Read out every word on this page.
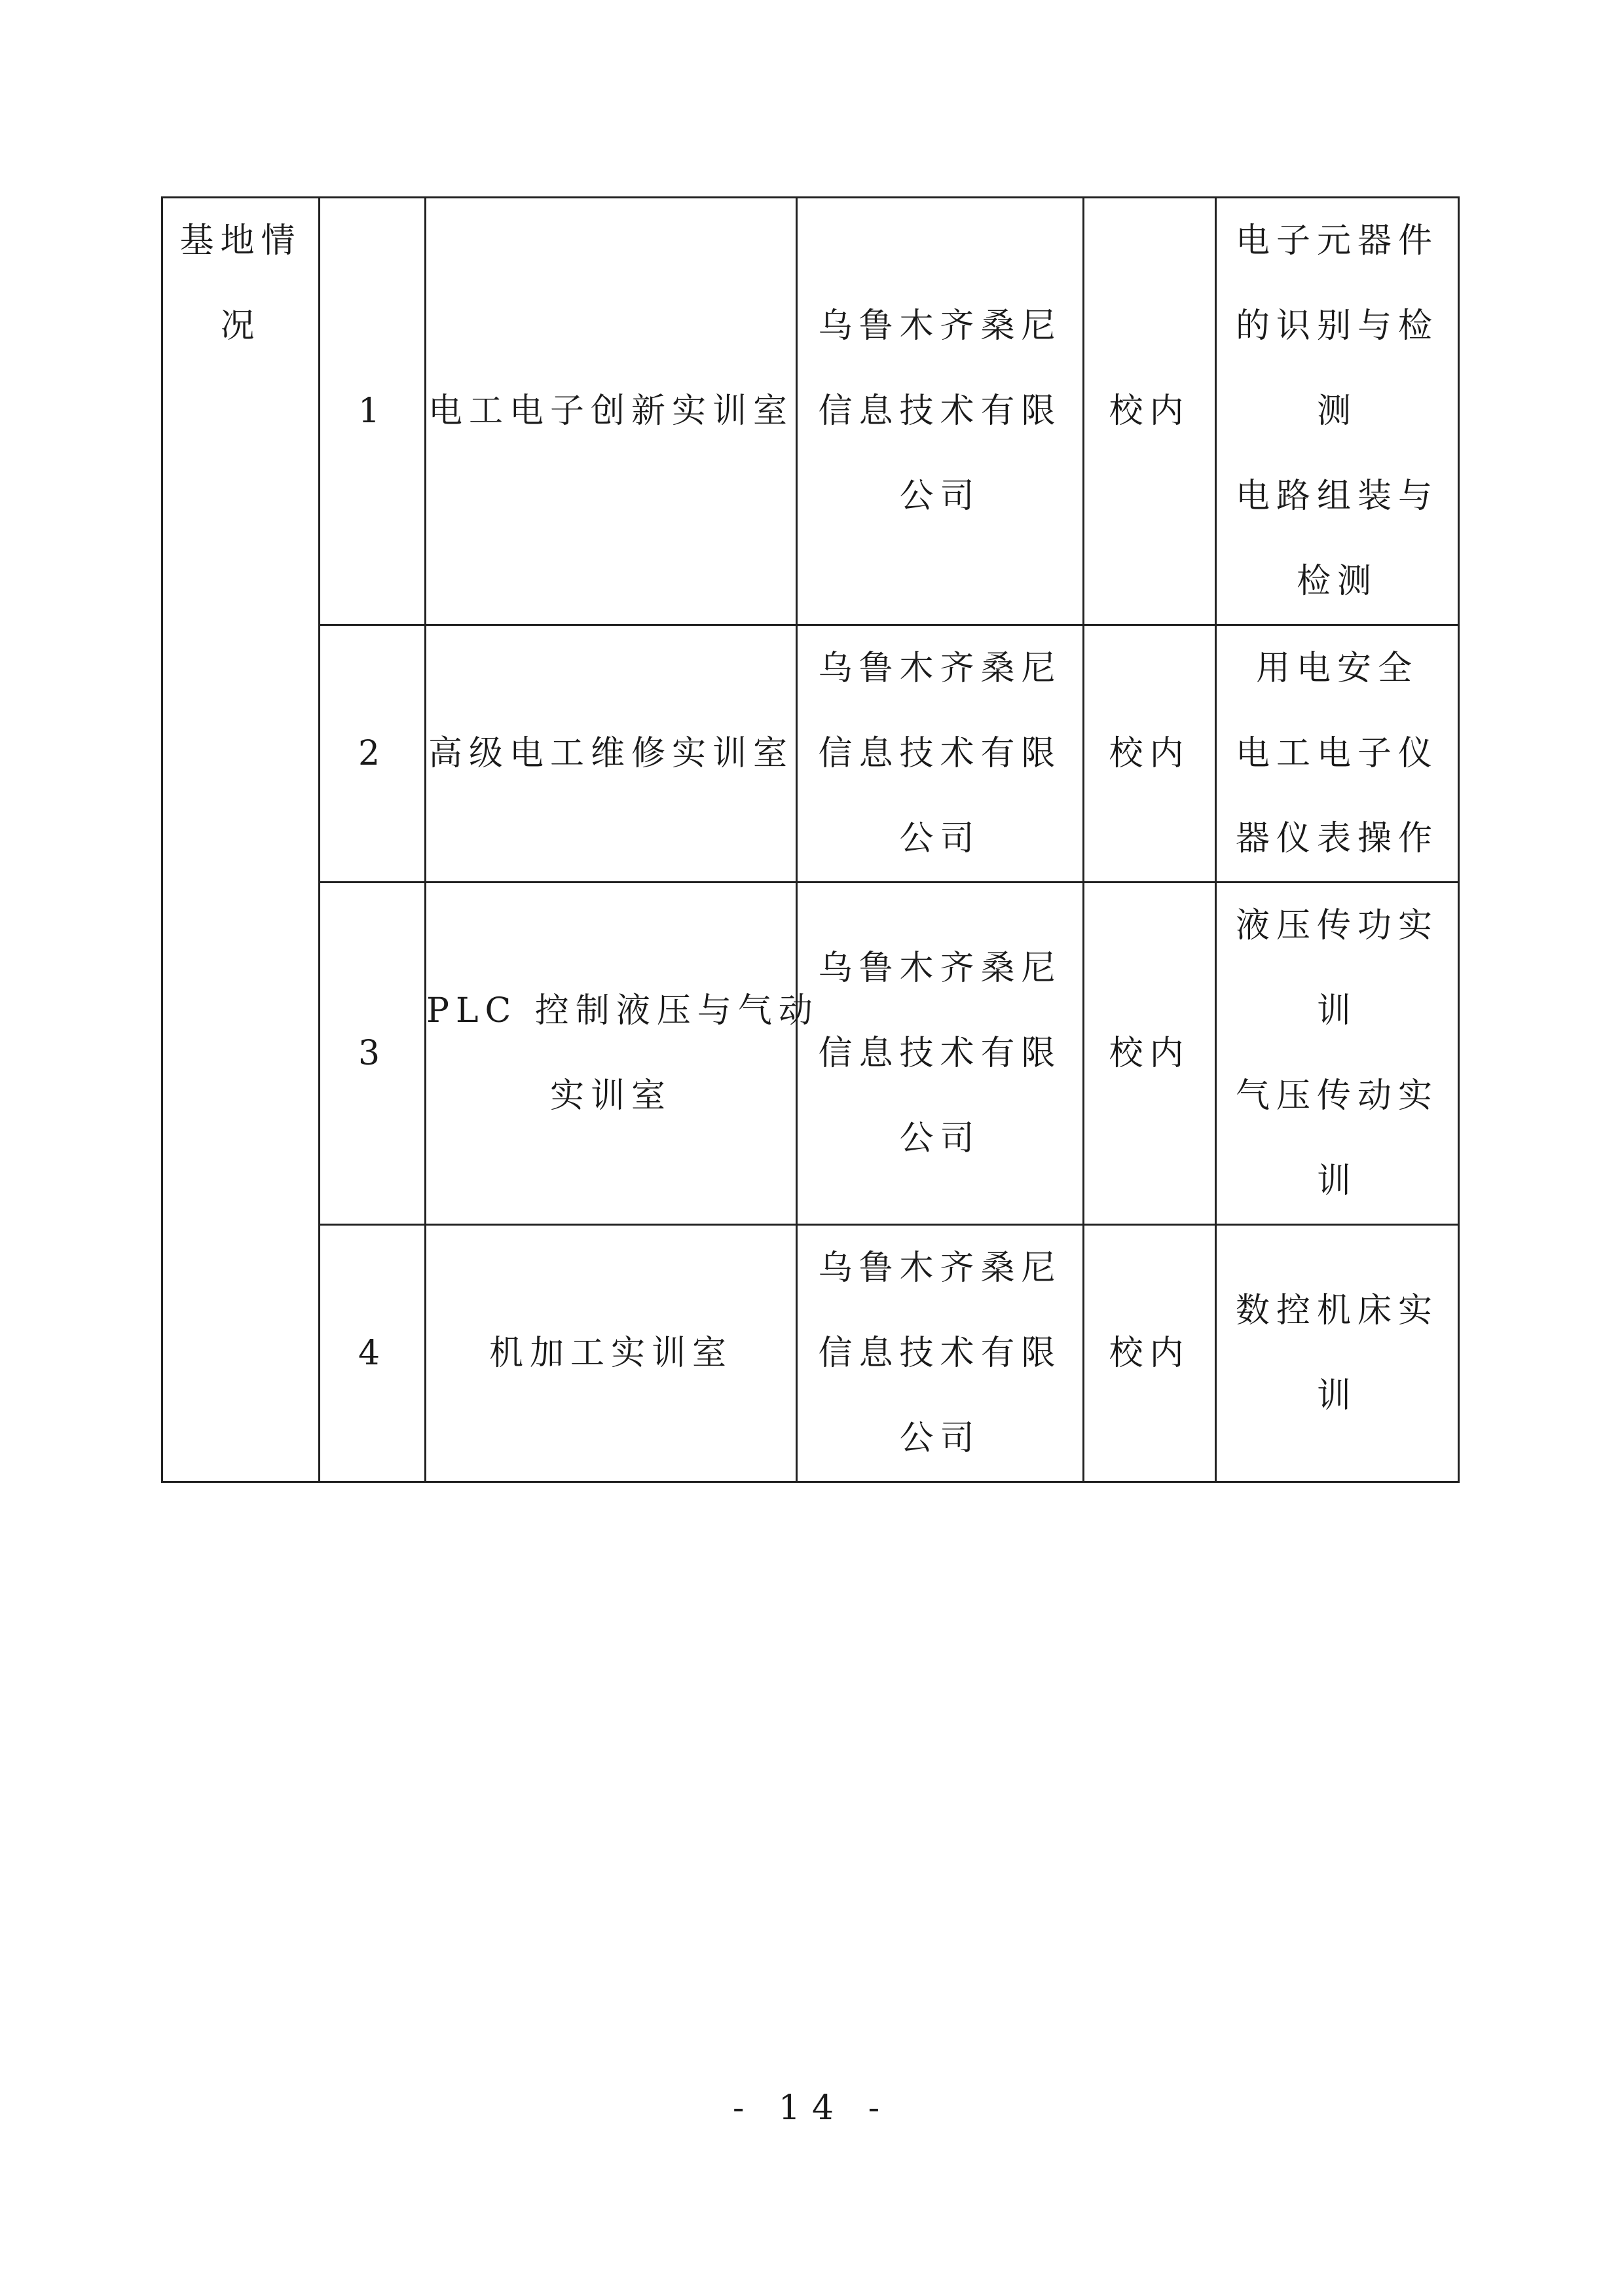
基地情
况	1	电工电子创新实训室	乌鲁木齐桑尼
信息技术有限
公司	校内	电子元器件
的识别与检
测
电路组装与
检测

	2	高级电工维修实训室	乌鲁木齐桑尼
信息技术有限
公司	校内	用电安全
电工电子仪
器仪表操作

	3	PLC 控制液压与气动
实训室	乌鲁木齐桑尼
信息技术有限
公司	校内	液压传功实
训
气压传动实
训

	4	机加工实训室	乌鲁木齐桑尼
信息技术有限
公司	校内	数控机床实
训
- 14 -
